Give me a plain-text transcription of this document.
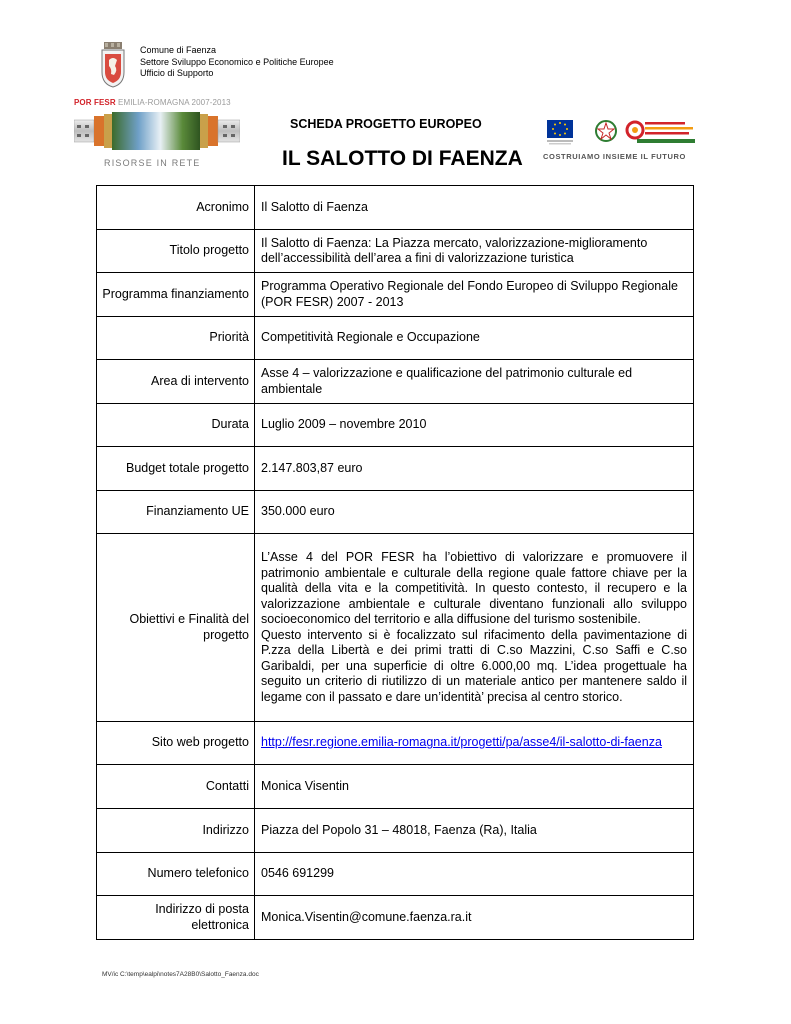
Comune di Faenza
Settore Sviluppo Economico e Politiche Europee
Ufficio di Supporto
POR FESR EMILIA-ROMAGNA 2007-2013
RISORSE IN RETE
SCHEDA PROGETTO EUROPEO
IL SALOTTO DI FAENZA	COSTRUIAMO INSIEME IL FUTURO
Acronimo	Il Salotto di Faenza
Titolo progetto	Il Salotto di Faenza: La Piazza mercato, valorizzazione-miglioramento dell’accessibilità dell’area a fini di valorizzazione turistica
Programma finanziamento	Programma Operativo Regionale del Fondo Europeo di Sviluppo Regionale (POR FESR) 2007 - 2013
Priorità	Competitività Regionale e Occupazione
Area di intervento	Asse 4 – valorizzazione e qualificazione del patrimonio culturale ed ambientale
Durata	Luglio 2009 – novembre 2010
Budget totale progetto	2.147.803,87 euro
Finanziamento UE	350.000 euro
Obiettivi e Finalità del progetto	L’Asse 4 del POR FESR ha l’obiettivo di valorizzare e promuovere il patrimonio ambientale e culturale della regione quale fattore chiave per la qualità della vita e la competitività. In questo contesto, il recupero e la valorizzazione ambientale e culturale diventano funzionali allo sviluppo socioeconomico del territorio e alla diffusione del turismo sostenibile.
Questo intervento si è focalizzato sul rifacimento della pavimentazione di P.zza della Libertà e dei primi tratti di C.so Mazzini, C.so Saffi e C.so Garibaldi, per una superficie di oltre 6.000,00 mq. L’idea progettuale ha seguito un criterio di riutilizzo di un materiale antico per mantenere saldo il legame con il passato e dare un’identità’ precisa al centro storico.

Sito web progetto	http://fesr.regione.emilia-romagna.it/progetti/pa/asse4/il-salotto-di-faenza
Contatti	Monica Visentin
Indirizzo	Piazza del Popolo 31 – 48018, Faenza (Ra), Italia
Numero telefonico	0546 691299
Indirizzo di posta elettronica	Monica.Visentin@comune.faenza.ra.it
MV/ic C:\temp\ealpi\notes7A28B0\Salotto_Faenza.doc
